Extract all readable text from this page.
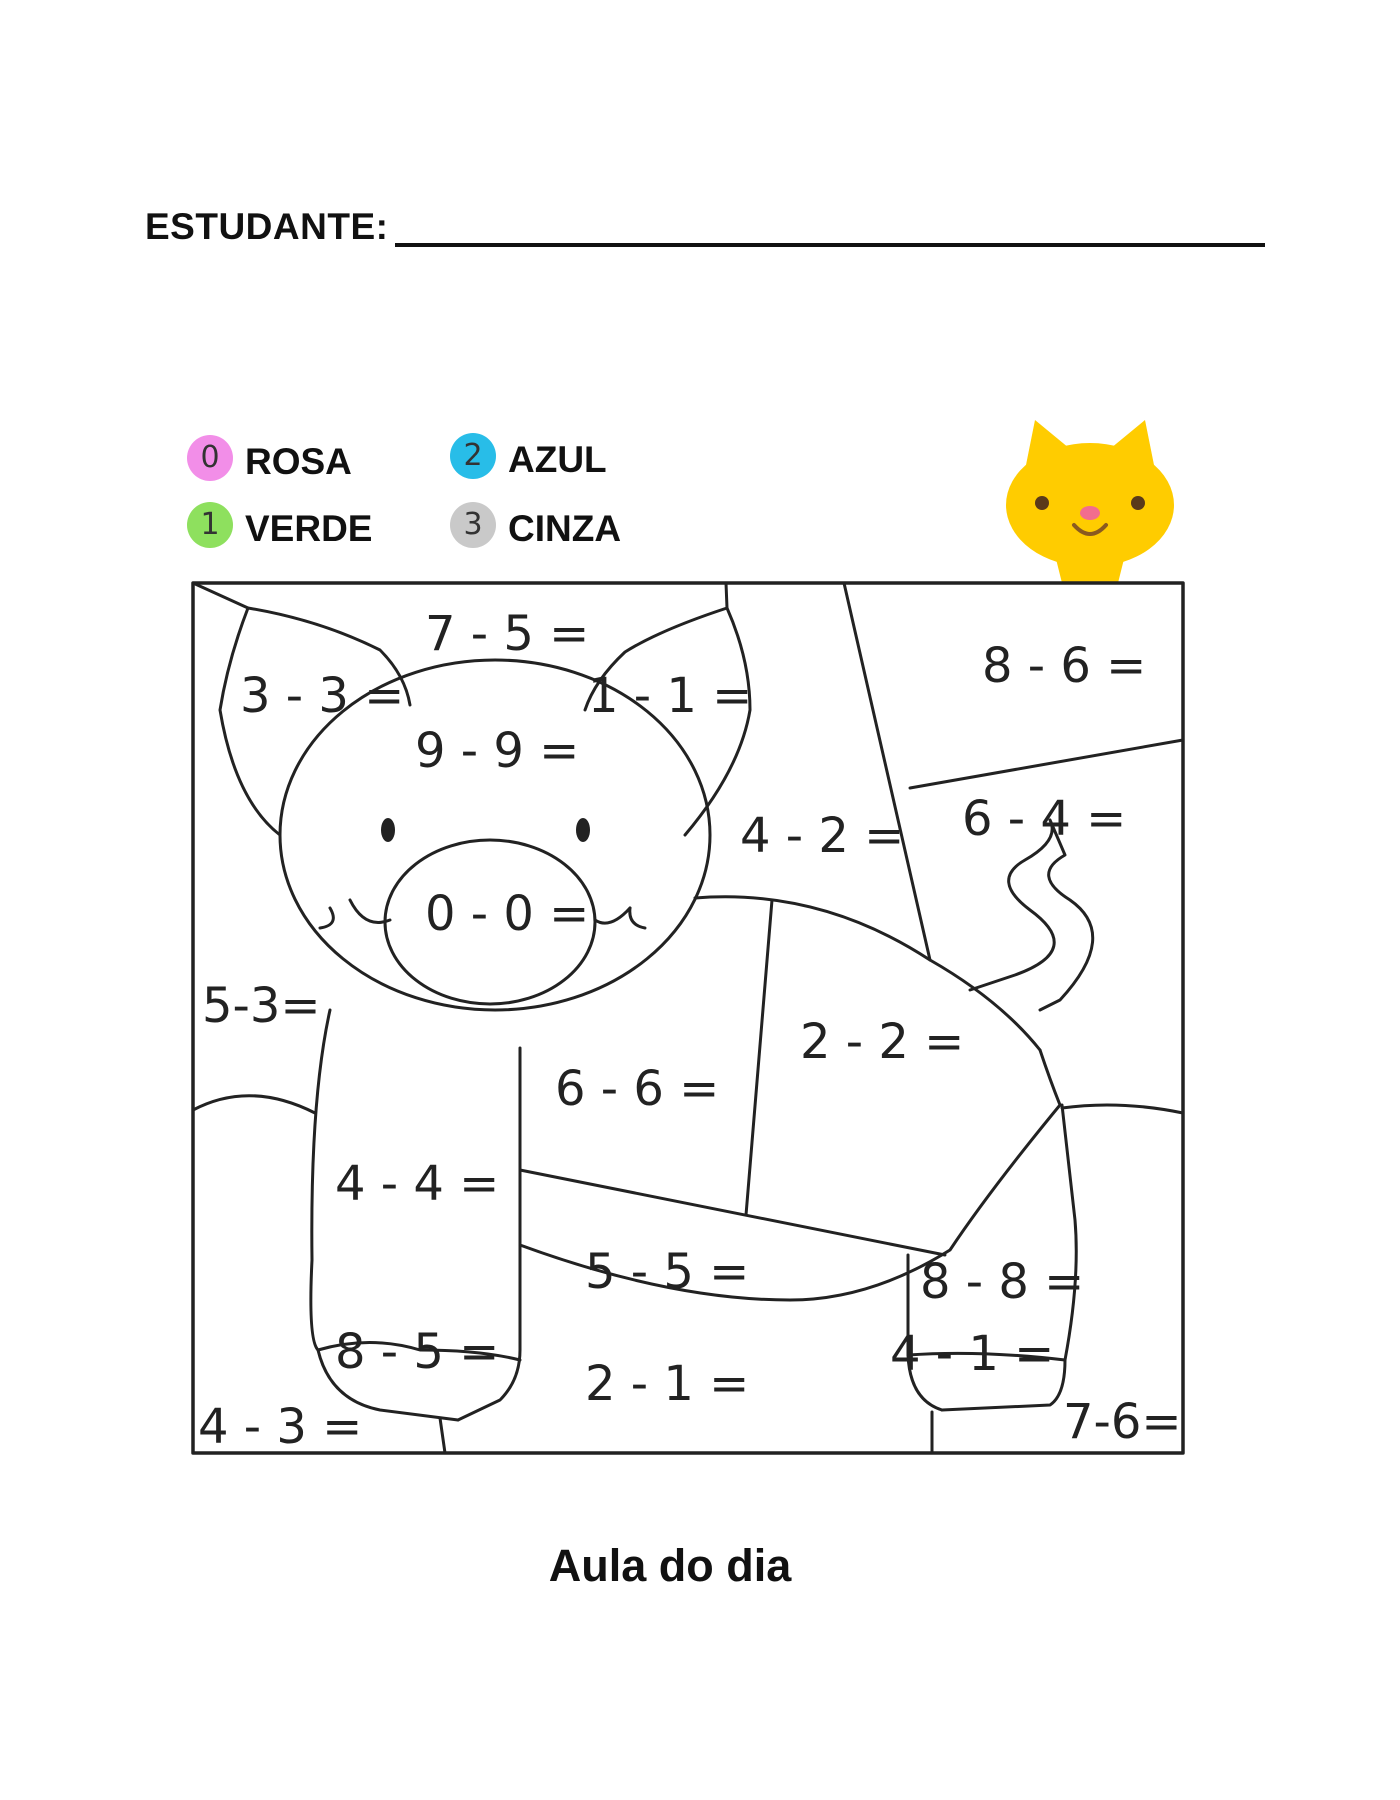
ESTUDANTE:
0 ROSA
1 VERDE
2 AZUL
3 CINZA
7 - 5 =
8 - 6 =
3 - 3 =	1 - 1 =
9 - 9 =
4 - 2 = 6 - 4 =
0 - 0 =
5-3=
2 - 2 =
6 - 6 =
4 - 4 =
5 - 5 =	8 - 8 =
8 - 5 =	4 - 1 =
2 - 1 =
4 - 3 =	7-6=
Aula do dia
